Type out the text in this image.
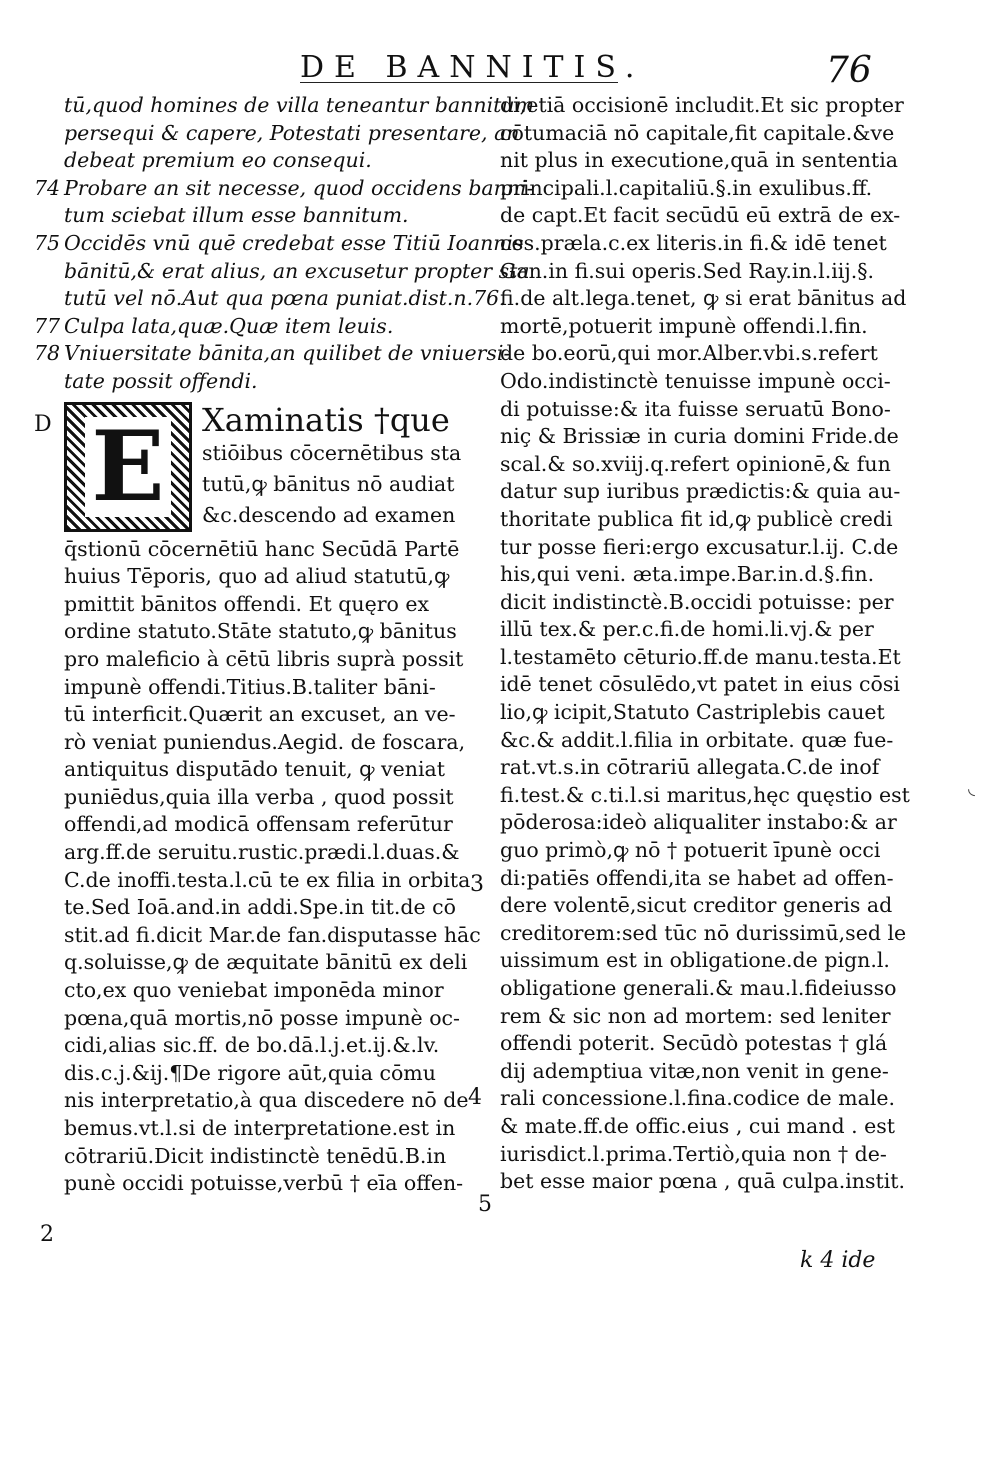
DE BANNITIS.	76
D
2
3
4
5
◟
tū,quod homines de villa teneantur bannitum
persequi & capere, Potestati presentare, an
debeat premium eo consequi.
74 Probare an sit necesse, quod occidens banni-
tum sciebat illum esse bannitum.
75 Occidēs vnū quē credebat esse Titiū Ioannis
bānitū,& erat alius, an excusetur propter sta
tutū vel nō.Aut qua pœna puniat.dist.n.76.
77 Culpa lata,quæ.Quæ item leuis.
78 Vniuersitate bānita,an quilibet de vniuersi-
tate possit offendi.
E Xaminatis †que
stiōibus cōcernētibus sta
tutū,ꝙ bānitus nō audiat
&c.descendo ad examen
q̄stionū cōcernētiū hanc Secūdā Partē
huius Tēporis, quo ad aliud statutū,ꝙ
pmittit bānitos offendi. Et quęro ex
ordine statuto.Stāte statuto,ꝙ bānitus
pro maleficio à cētū libris suprà possit
impunè offendi.Titius.B.taliter bāni-
tū interficit.Quærit an excuset, an ve-
rò veniat puniendus.Aegid. de foscara,
antiquitus disputādo tenuit, ꝙ veniat
puniēdus,quia illa verba , quod possit
offendi,ad modicā offensam referūtur
arg.ff.de seruitu.rustic.prædi.l.duas.&
C.de inoffi.testa.l.cū te ex filia in orbita
te.Sed Ioā.and.in addi.Spe.in tit.de cō
stit.ad fi.dicit Mar.de fan.disputasse hāc
q.soluisse,ꝙ de æquitate bānitū ex deli
cto,ex quo veniebat imponēda minor
pœna,quā mortis,nō posse impunè oc-
cidi,alias sic.ff. de bo.dā.l.j.et.ij.&.lv.
dis.c.j.&ij.¶De rigore aūt,quia cōmu
nis interpretatio,à qua discedere nō de
bemus.vt.l.si de interpretatione.est in
cōtrariū.Dicit indistinctè tenēdū.B.in
punè occidi potuisse,verbū † eīa offen-
di,etiā occisionē includit.Et sic propter
cōtumaciā nō capitale,fit capitale.&ve
nit plus in executione,quā in sententia
principali.l.capitaliū.§.in exulibus.ff.
de capt.Et facit secūdū eū extrā de ex-
ces.præla.c.ex literis.in fi.& idē tenet
Gan.in fi.sui operis.Sed Ray.in.l.iij.§.
fi.de alt.lega.tenet, ꝙ si erat bānitus ad
mortē,potuerit impunè offendi.l.fin.
de bo.eorū,qui mor.Alber.vbi.s.refert
Odo.indistinctè tenuisse impunè occi-
di potuisse:& ita fuisse seruatū Bono-
niç & Brissiæ in curia domini Fride.de
scal.& so.xviij.q.refert opinionē,& fun
datur sup iuribus prædictis:& quia au-
thoritate publica fit id,ꝙ publicè credi
tur posse fieri:ergo excusatur.l.ij. C.de
his,qui veni. æta.impe.Bar.in.d.§.fin.
dicit indistinctè.B.occidi potuisse: per
illū tex.& per.c.fi.de homi.li.vj.& per
l.testamēto cēturio.ff.de manu.testa.Et
idē tenet cōsulēdo,vt patet in eius cōsi
lio,ꝙ icipit,Statuto Castriplebis cauet
&c.& addit.l.filia in orbitate. quæ fue-
rat.vt.s.in cōtrariū allegata.C.de inof
fi.test.& c.ti.l.si maritus,hęc quęstio est
pōderosa:ideò aliqualiter instabo:& ar
guo primò,ꝙ nō † potuerit īpunè occi
di:patiēs offendi,ita se habet ad offen-
dere volentē,sicut creditor generis ad
creditorem:sed tūc nō durissimū,sed le
uissimum est in obligatione.de pign.l.
obligatione generali.& mau.l.fideiusso
rem & sic non ad mortem: sed leniter
offendi poterit. Secūdò potestas † glá
dij ademptiua vitæ,non venit in gene-
rali concessione.l.fina.codice de male.
& mate.ff.de offic.eius , cui mand . est
iurisdict.l.prima.Tertiò,quia non † de-
bet esse maior pœna , quā culpa.instit.
k 4 ide
